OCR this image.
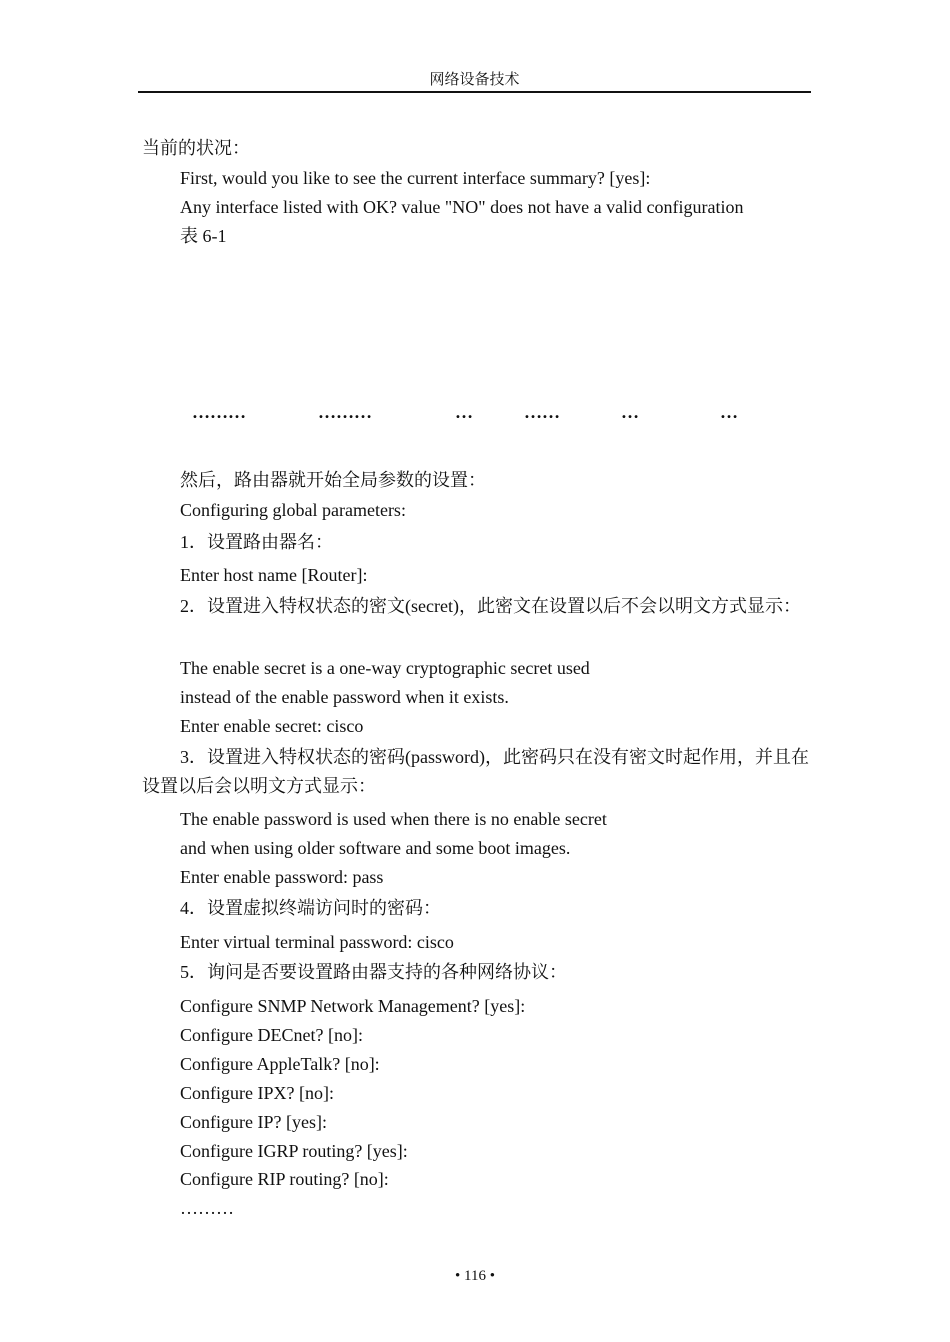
网络设备技术
当前的状况：
First, would you like to see the current interface summary? [yes]:
Any interface listed with OK? value "NO" does not have a valid configuration
表 6-1
………	………	…	……	…	…
然后，路由器就开始全局参数的设置：
Configuring global parameters:
1．设置路由器名：
Enter host name [Router]:
2．设置进入特权状态的密文(secret)，此密文在设置以后不会以明文方式显示：
The enable secret is a one-way cryptographic secret used
instead of the enable password when it exists.
Enter enable secret: cisco
3．设置进入特权状态的密码(password)，此密码只在没有密文时起作用，并且在设置以后会以明文方式显示：
The enable password is used when there is no enable secret
and when using older software and some boot images.
Enter enable password: pass
4．设置虚拟终端访问时的密码：
Enter virtual terminal password: cisco
5．询问是否要设置路由器支持的各种网络协议：
Configure SNMP Network Management? [yes]:
Configure DECnet? [no]:
Configure AppleTalk? [no]:
Configure IPX? [no]:
Configure IP? [yes]:
Configure IGRP routing? [yes]:
Configure RIP routing? [no]:
………
• 116 •
